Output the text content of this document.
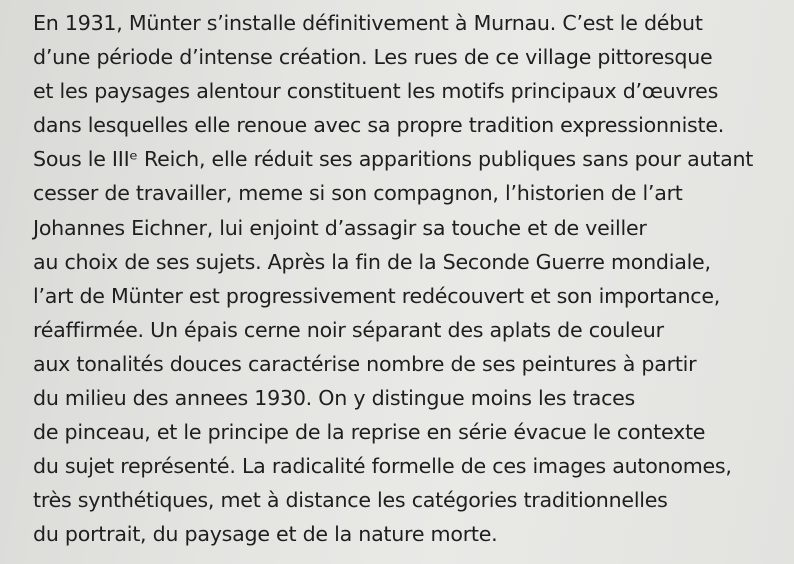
En 1931, Münter s’installe définitivement à Murnau. C’est le début
d’une période d’intense création. Les rues de ce village pittoresque
et les paysages alentour constituent les motifs principaux d’œuvres
dans lesquelles elle renoue avec sa propre tradition expressionniste.
Sous le IIIᵉ Reich, elle réduit ses apparitions publiques sans pour autant
cesser de travailler, meme si son compagnon, l’historien de l’art
Johannes Eichner, lui enjoint d’assagir sa touche et de veiller
au choix de ses sujets. Après la fin de la Seconde Guerre mondiale,
l’art de Münter est progressivement redécouvert et son importance,
réaffirmée. Un épais cerne noir séparant des aplats de couleur
aux tonalités douces caractérise nombre de ses peintures à partir
du milieu des annees 1930. On y distingue moins les traces
de pinceau, et le principe de la reprise en série évacue le contexte
du sujet représenté. La radicalité formelle de ces images autonomes,
très synthétiques, met à distance les catégories traditionnelles
du portrait, du paysage et de la nature morte.
